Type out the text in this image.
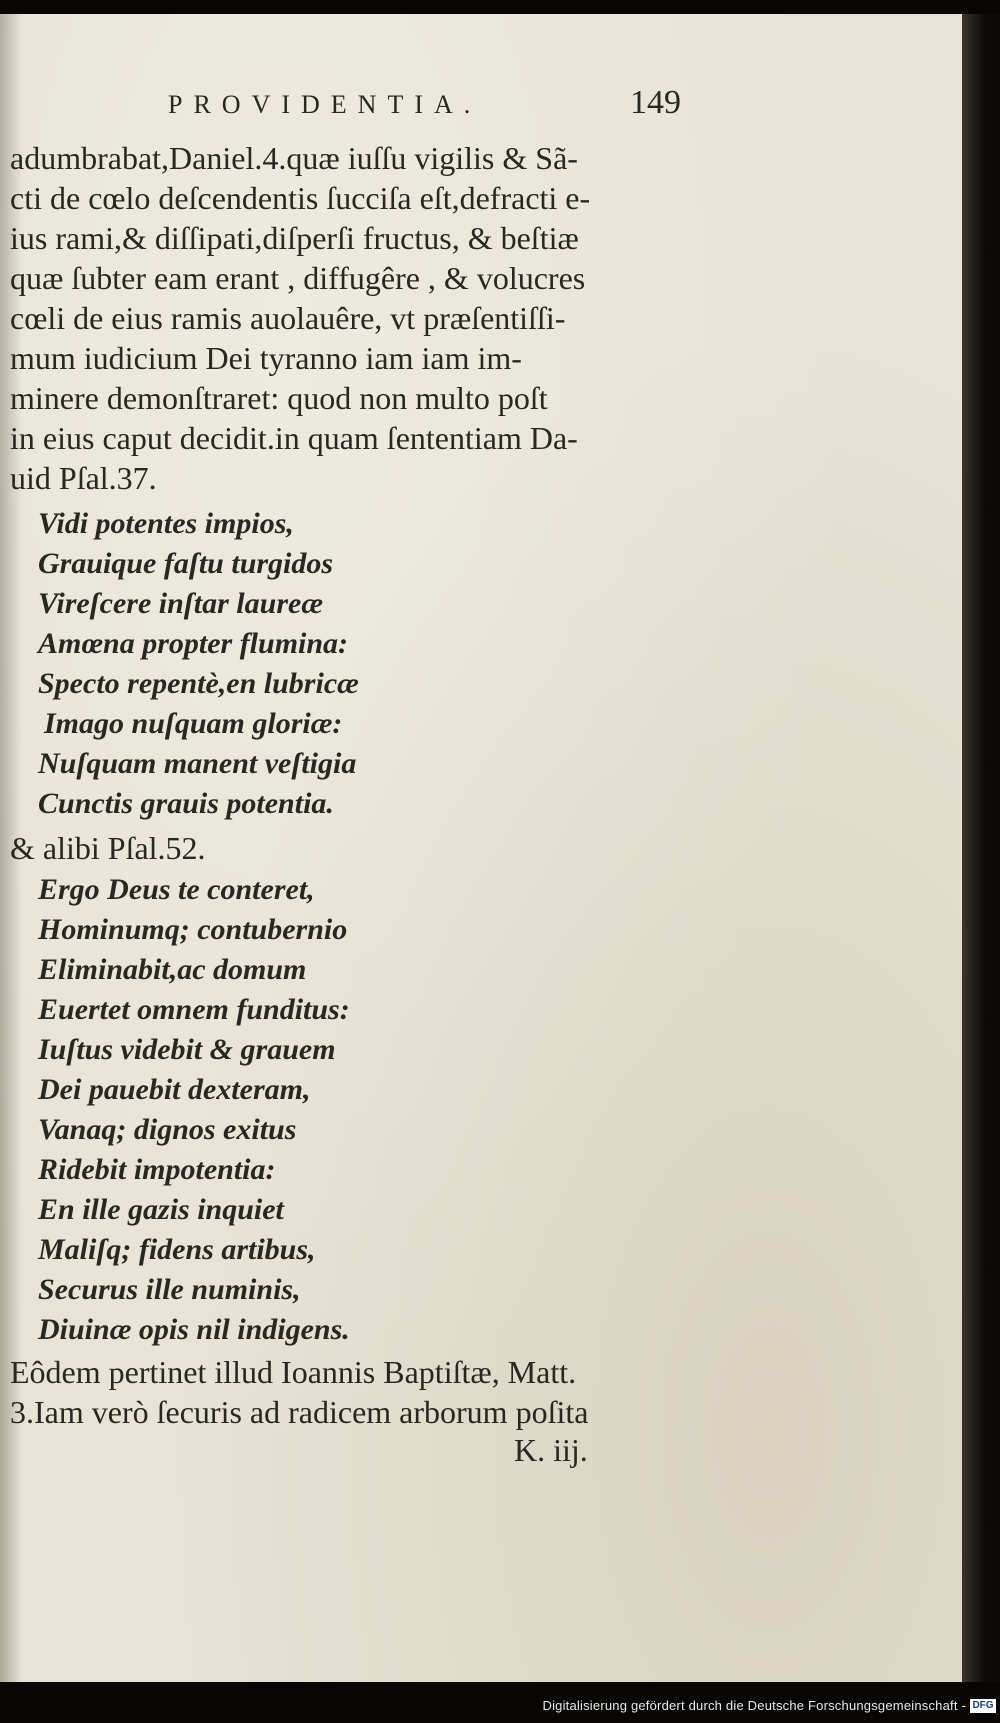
PROVIDENTIA.	149
adumbrabat,Daniel.4.quæ iuſſu vigilis & Sã-
cti de cœlo deſcendentis ſucciſa eſt,defracti e-
ius rami,& diſſipati,diſperſi fructus, & beſtiæ
quæ ſubter eam erant , diffugêre , & volucres
cœli de eius ramis auolauêre, vt præſentiſſi-
mum iudicium Dei tyranno iam iam im-
minere demonſtraret: quod non multo poſt
in eius caput decidit.in quam ſententiam Da-
uid Pſal.37.
Vidi potentes impios,
Grauique faſtu turgidos
Vireſcere inſtar laureæ
Amœna propter flumina:
Specto repentè,en lubricæ
Imago nuſquam gloriæ:
Nuſquam manent veſtigia
Cunctis grauis potentia.
& alibi Pſal.52.
Ergo Deus te conteret,
Hominumq; contubernio
Eliminabit,ac domum
Euertet omnem funditus:
Iuſtus videbit & grauem
Dei pauebit dexteram,
Vanaq; dignos exitus
Ridebit impotentia:
En ille gazis inquiet
Maliſq; fidens artibus,
Securus ille numinis,
Diuinæ opis nil indigens.
Eôdem pertinet illud Ioannis Baptiſtæ, Matt.
3.Iam verò ſecuris ad radicem arborum poſita
K. iij.
Digitalisierung gefördert durch die Deutsche Forschungsgemeinschaft - DFG
